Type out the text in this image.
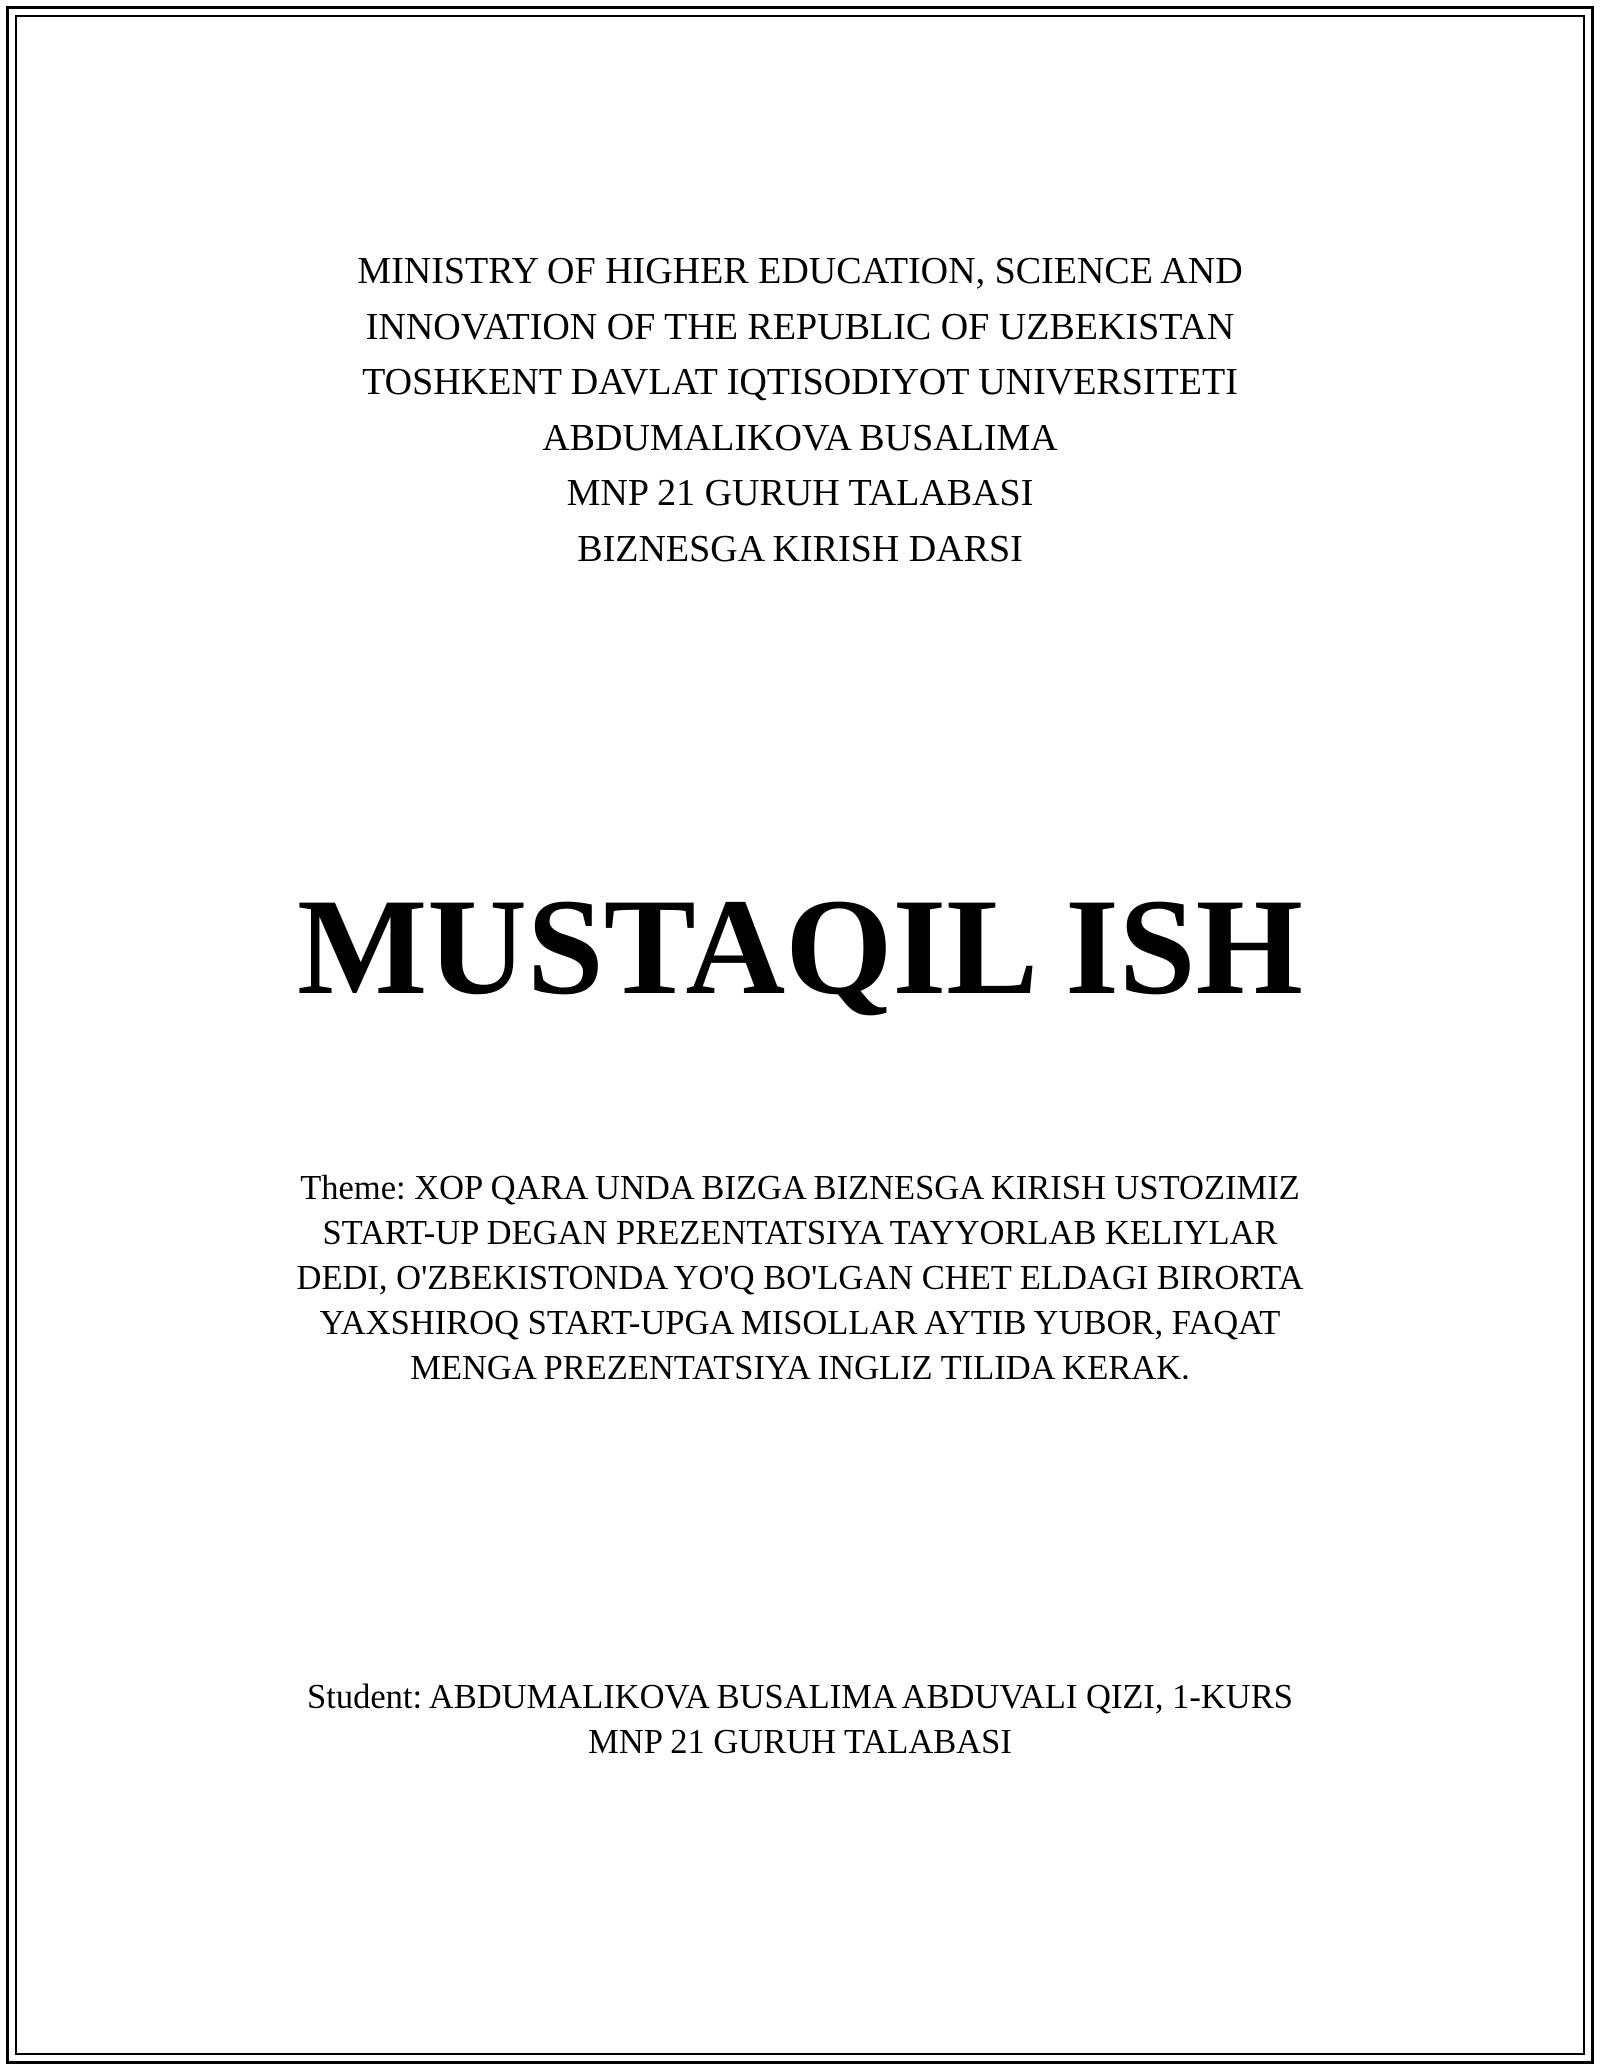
MINISTRY OF HIGHER EDUCATION, SCIENCE AND
INNOVATION OF THE REPUBLIC OF UZBEKISTAN
TOSHKENT DAVLAT IQTISODIYOT UNIVERSITETI
ABDUMALIKOVA BUSALIMA
MNP 21 GURUH TALABASI
BIZNESGA KIRISH DARSI
MUSTAQIL ISH
Theme: XOP QARA UNDA BIZGA BIZNESGA KIRISH USTOZIMIZ
START-UP DEGAN PREZENTATSIYA TAYYORLAB KELIYLAR
DEDI, O'ZBEKISTONDA YO'Q BO'LGAN CHET ELDAGI BIRORTA
YAXSHIROQ START-UPGA MISOLLAR AYTIB YUBOR, FAQAT
MENGA PREZENTATSIYA INGLIZ TILIDA KERAK.
Student: ABDUMALIKOVA BUSALIMA ABDUVALI QIZI, 1-KURS
MNP 21 GURUH TALABASI
